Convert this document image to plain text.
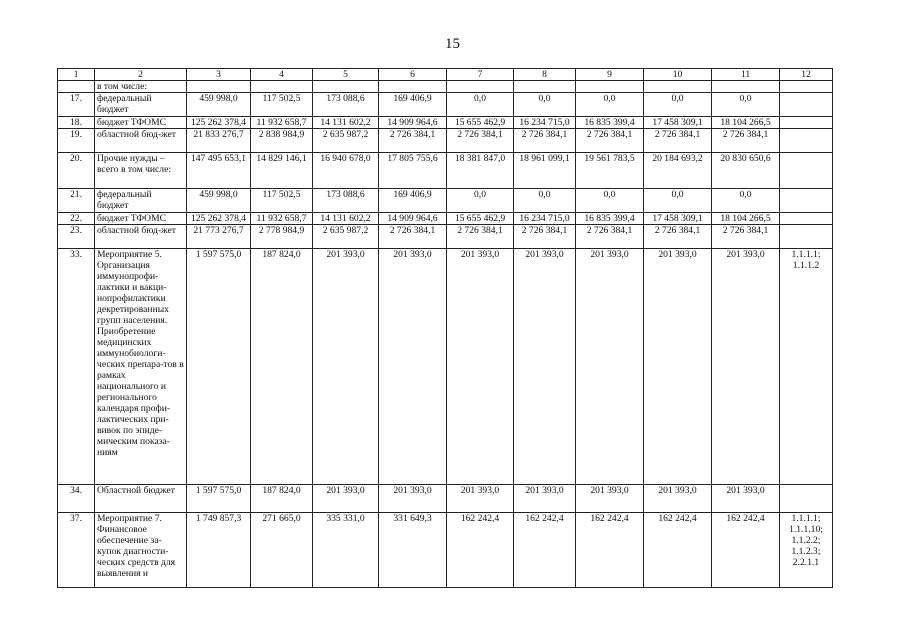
15
1	2	3	4	5	6	7	8	9	10	11	12
	в том числе:										
17.	федеральный бюджет	459 998,0	117 502,5	173 088,6	169 406,9	0,0	0,0	0,0	0,0	0,0	
18.	бюджет ТФОМС	125 262 378,4	11 932 658,7	14 131 602,2	14 909 964,6	15 655 462,9	16 234 715,0	16 835 399,4	17 458 309,1	18 104 266,5	
19.	областной бюд-жет	21 833 276,7	2 838 984,9	2 635 987,2	2 726 384,1	2 726 384,1	2 726 384,1	2 726 384,1	2 726 384,1	2 726 384,1	
20.	Прочие нужды – всего в том числе:	147 495 653,1	14 829 146,1	16 940 678,0	17 805 755,6	18 381 847,0	18 961 099,1	19 561 783,5	20 184 693,2	20 830 650,6	
21.	федеральный бюджет	459 998,0	117 502,5	173 088,6	169 406,9	0,0	0,0	0,0	0,0	0,0	
22.	бюджет ТФОМС	125 262 378,4	11 932 658,7	14 131 602,2	14 909 964,6	15 655 462,9	16 234 715,0	16 835 399,4	17 458 309,1	18 104 266,5	
23.	областной бюд-жет	21 773 276,7	2 778 984,9	2 635 987,2	2 726 384,1	2 726 384,1	2 726 384,1	2 726 384,1	2 726 384,1	2 726 384,1	
33.	Мероприятие 5. Организация иммунопрофи-лактики и вакци-нопрофилактики декретированных групп населения. Приобретение медицинских иммунобиологи-ческих препара-тов в рамках национального и регионального календаря профи-лактических при-вивок по эпиде-мическим показа-ниям	1 597 575,0	187 824,0	201 393,0	201 393,0	201 393,0	201 393,0	201 393,0	201 393,0	201 393,0	1.1.1.1; 1.1.1.2
34.	Областной бюджет	1 597 575,0	187 824,0	201 393,0	201 393,0	201 393,0	201 393,0	201 393,0	201 393,0	201 393,0	
37.	Мероприятие 7. Финансовое обеспечение за-купок диагности-ческих средств для выявления и	1 749 857,3	271 665,0	335 331,0	331 649,3	162 242,4	162 242,4	162 242,4	162 242,4	162 242,4	1.1.1.1; 1.1.1.10; 1.1.2.2; 1.1.2.3; 2.2.1.1
